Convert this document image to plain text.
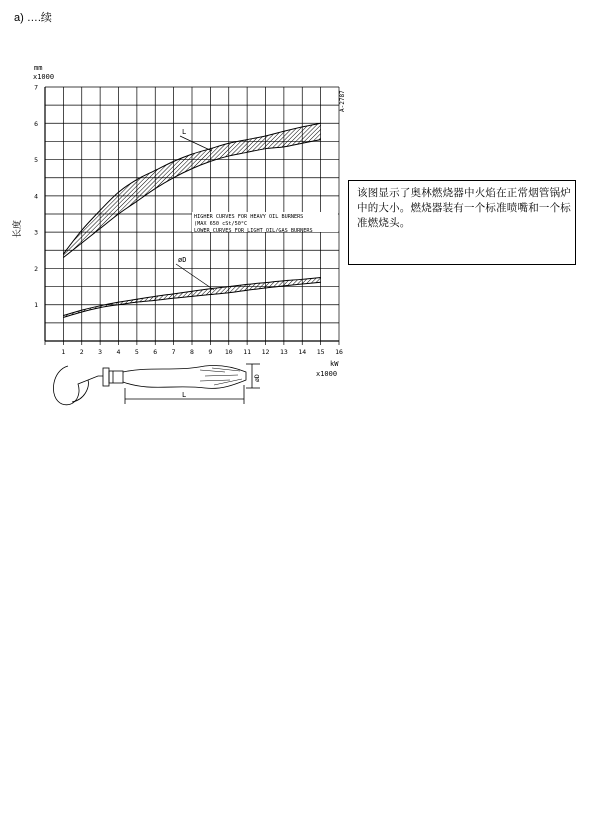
a) ….续
1 2 3 4 5 6 7 8 9 10 11 12 13 14 15 16
1
2
3
4
5
6
7
mm
x1000
kW
x1000
长度
A-2787
HIGHER CURVES FOR HEAVY OIL BURNERS
(MAX 650 cSt/50°C
LOWER CURVES FOR LIGHT OIL/GAS BURNERS
L
øD
L
øD
该图显示了奥林燃烧器中火焰在正常烟管锅炉中的大小。燃烧器装有一个标准喷嘴和一个标准燃烧头。
